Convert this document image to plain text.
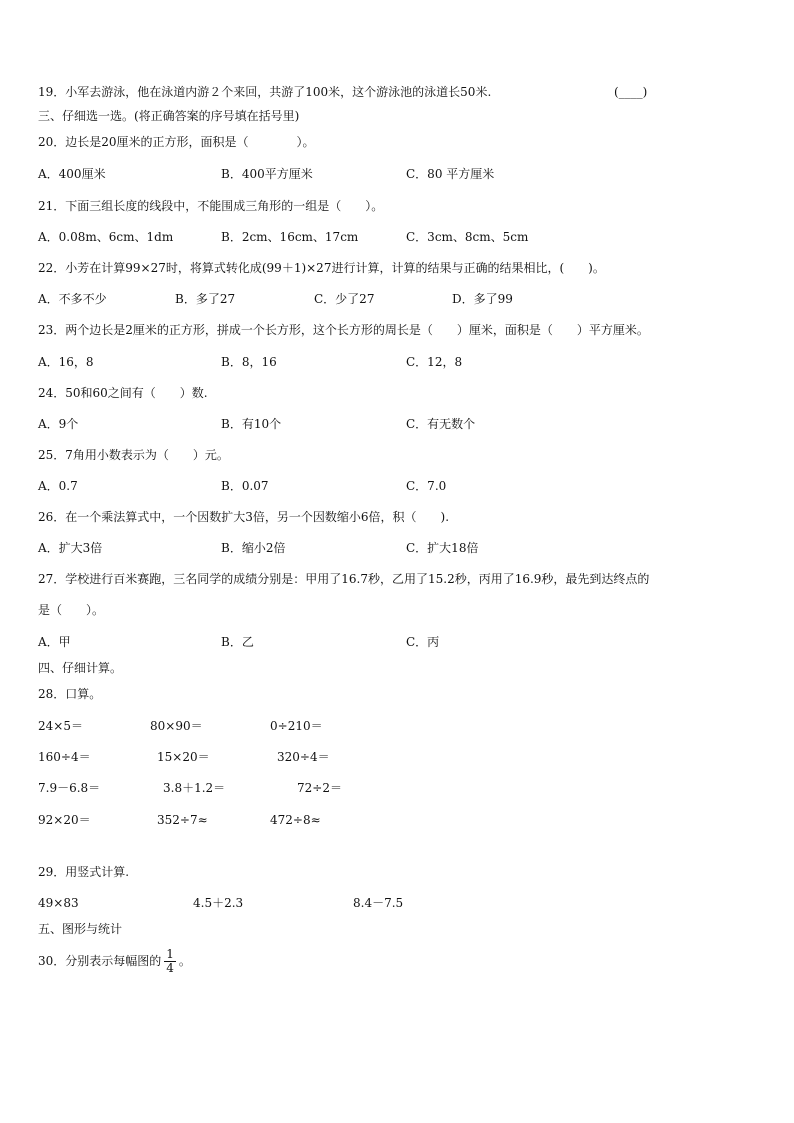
19．小军去游泳，他在泳道内游２个来回，共游了100米，这个游泳池的泳道长50米.	(____)
三、仔细选一选。(将正确答案的序号填在括号里)
20．边长是20厘米的正方形，面积是（　　　　）。
A．400厘米	B．400平方厘米	C．80 平方厘米
21．下面三组长度的线段中，不能围成三角形的一组是（　　）。
A．0.08m、6cm、1dm	B．2cm、16cm、17cm	C．3cm、8cm、5cm
22．小芳在计算99×27时，将算式转化成(99＋1)×27进行计算，计算的结果与正确的结果相比，(　　)。
A．不多不少	B．多了27	C．少了27	D．多了99
23．两个边长是2厘米的正方形，拼成一个长方形，这个长方形的周长是（　　）厘米，面积是（　　）平方厘米。
A．16，8	B．8，16	C．12，8
24．50和60之间有（　　）数.
A．9个	B．有10个	C．有无数个
25．7角用小数表示为（　　）元。
A．0.7	B．0.07	C．7.0
26．在一个乘法算式中，一个因数扩大3倍，另一个因数缩小6倍，积（　　).
A．扩大3倍	B．缩小2倍	C．扩大18倍
27．学校进行百米赛跑，三名同学的成绩分别是：甲用了16.7秒，乙用了15.2秒，丙用了16.9秒，最先到达终点的
是（　　）。
A．甲	B．乙	C．丙
四、仔细计算。
28．口算。
24×5＝	80×90＝	0÷210＝
160÷4＝	15×20＝	320÷4＝
7.9－6.8＝	3.8＋1.2＝	72÷2＝
92×20＝	352÷7≈	472÷8≈
29．用竖式计算.
49×83	4.5＋2.3	8.4－7.5
五、图形与统计
30．分别表示每幅图的 $\frac{1}{4}$ 。
